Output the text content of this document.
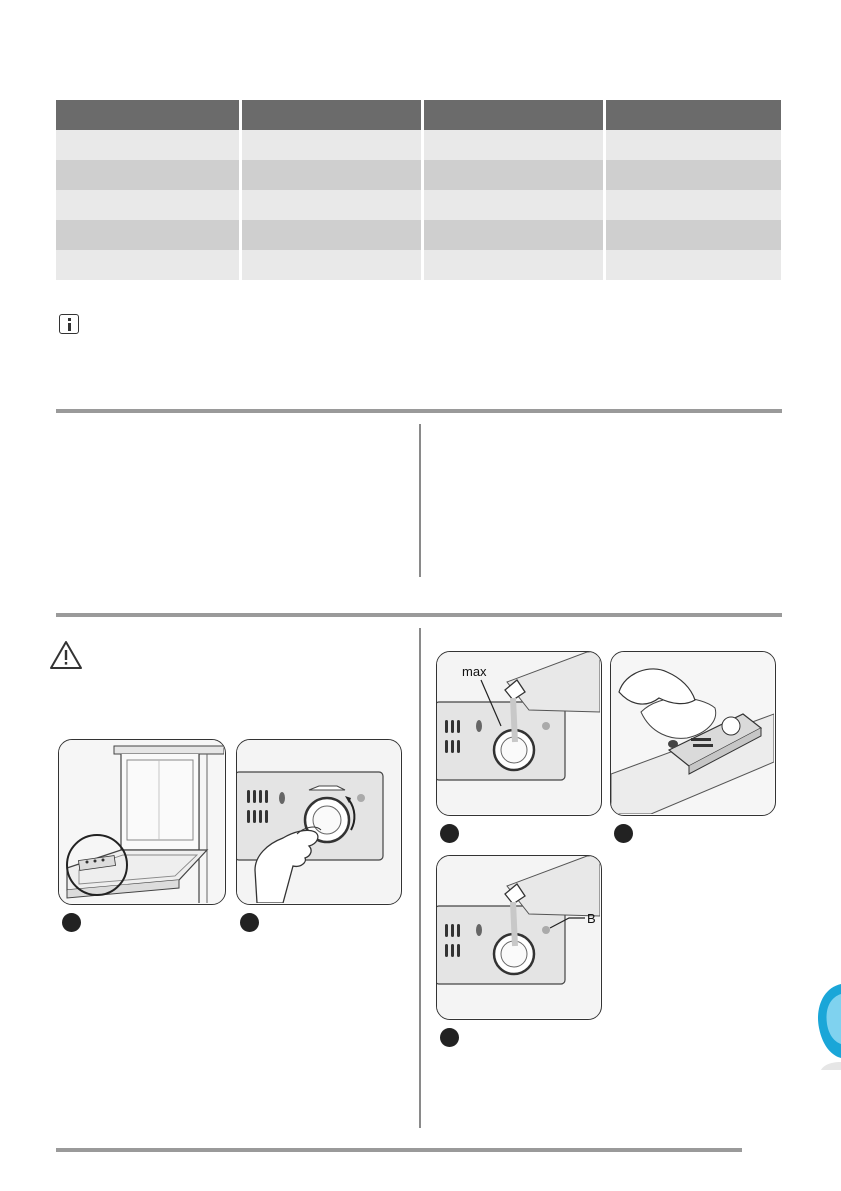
max
B
